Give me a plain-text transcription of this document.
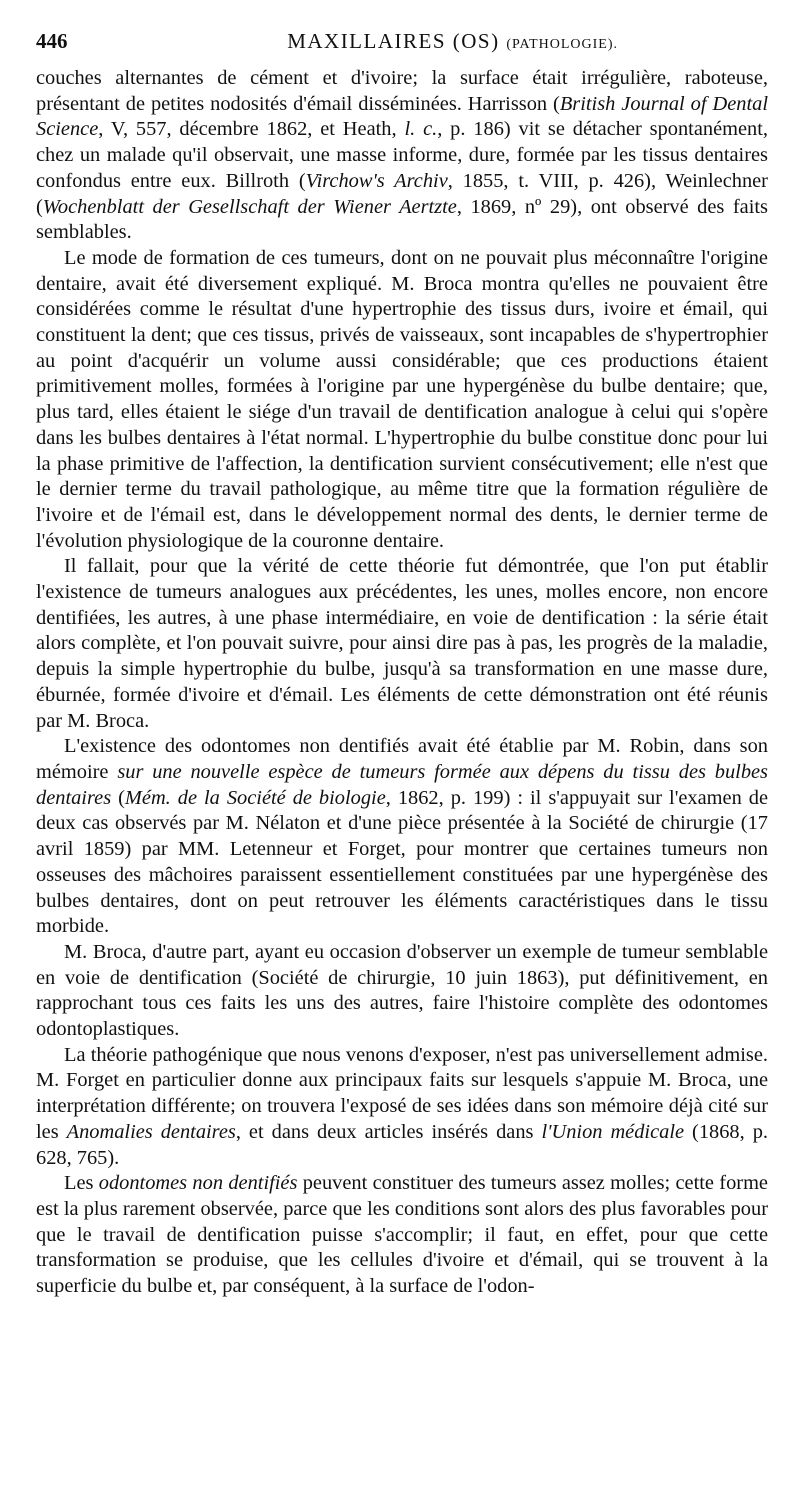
446	MAXILLAIRES (OS) (PATHOLOGIE).

couches alternantes de cément et d'ivoire; la surface était irrégulière, raboteuse, présentant de petites nodosités d'émail disséminées. Harrisson (British Journal of Dental Science, V, 557, décembre 1862, et Heath, l. c., p. 186) vit se détacher spontanément, chez un malade qu'il observait, une masse informe, dure, formée par les tissus dentaires confondus entre eux. Billroth (Virchow's Archiv, 1855, t. VIII, p. 426), Weinlechner (Wochenblatt der Gesellschaft der Wiener Aertzte, 1869, nº 29), ont observé des faits semblables.

Le mode de formation de ces tumeurs, dont on ne pouvait plus méconnaître l'origine dentaire, avait été diversement expliqué. M. Broca montra qu'elles ne pouvaient être considérées comme le résultat d'une hypertrophie des tissus durs, ivoire et émail, qui constituent la dent; que ces tissus, privés de vaisseaux, sont incapables de s'hypertrophier au point d'acquérir un volume aussi considérable; que ces productions étaient primitivement molles, formées à l'origine par une hypergénèse du bulbe dentaire; que, plus tard, elles étaient le siége d'un travail de dentification analogue à celui qui s'opère dans les bulbes dentaires à l'état normal. L'hypertrophie du bulbe constitue donc pour lui la phase primitive de l'affection, la dentification survient consécutivement; elle n'est que le dernier terme du travail pathologique, au même titre que la formation régulière de l'ivoire et de l'émail est, dans le développement normal des dents, le dernier terme de l'évolution physiologique de la couronne dentaire.

Il fallait, pour que la vérité de cette théorie fut démontrée, que l'on put établir l'existence de tumeurs analogues aux précédentes, les unes, molles encore, non encore dentifiées, les autres, à une phase intermédiaire, en voie de dentification : la série était alors complète, et l'on pouvait suivre, pour ainsi dire pas à pas, les progrès de la maladie, depuis la simple hypertrophie du bulbe, jusqu'à sa transformation en une masse dure, éburnée, formée d'ivoire et d'émail. Les éléments de cette démonstration ont été réunis par M. Broca.

L'existence des odontomes non dentifiés avait été établie par M. Robin, dans son mémoire sur une nouvelle espèce de tumeurs formée aux dépens du tissu des bulbes dentaires (Mém. de la Société de biologie, 1862, p. 199) : il s'appuyait sur l'examen de deux cas observés par M. Nélaton et d'une pièce présentée à la Société de chirurgie (17 avril 1859) par MM. Letenneur et Forget, pour montrer que certaines tumeurs non osseuses des mâchoires paraissent essentiellement constituées par une hypergénèse des bulbes dentaires, dont on peut retrouver les éléments caractéristiques dans le tissu morbide.

M. Broca, d'autre part, ayant eu occasion d'observer un exemple de tumeur semblable en voie de dentification (Société de chirurgie, 10 juin 1863), put définitivement, en rapprochant tous ces faits les uns des autres, faire l'histoire complète des odontomes odontoplastiques.

La théorie pathogénique que nous venons d'exposer, n'est pas universellement admise. M. Forget en particulier donne aux principaux faits sur lesquels s'appuie M. Broca, une interprétation différente; on trouvera l'exposé de ses idées dans son mémoire déjà cité sur les Anomalies dentaires, et dans deux articles insérés dans l'Union médicale (1868, p. 628, 765).

Les odontomes non dentifiés peuvent constituer des tumeurs assez molles; cette forme est la plus rarement observée, parce que les conditions sont alors des plus favorables pour que le travail de dentification puisse s'accomplir; il faut, en effet, pour que cette transformation se produise, que les cellules d'ivoire et d'émail, qui se trouvent à la superficie du bulbe et, par conséquent, à la surface de l'odon-
